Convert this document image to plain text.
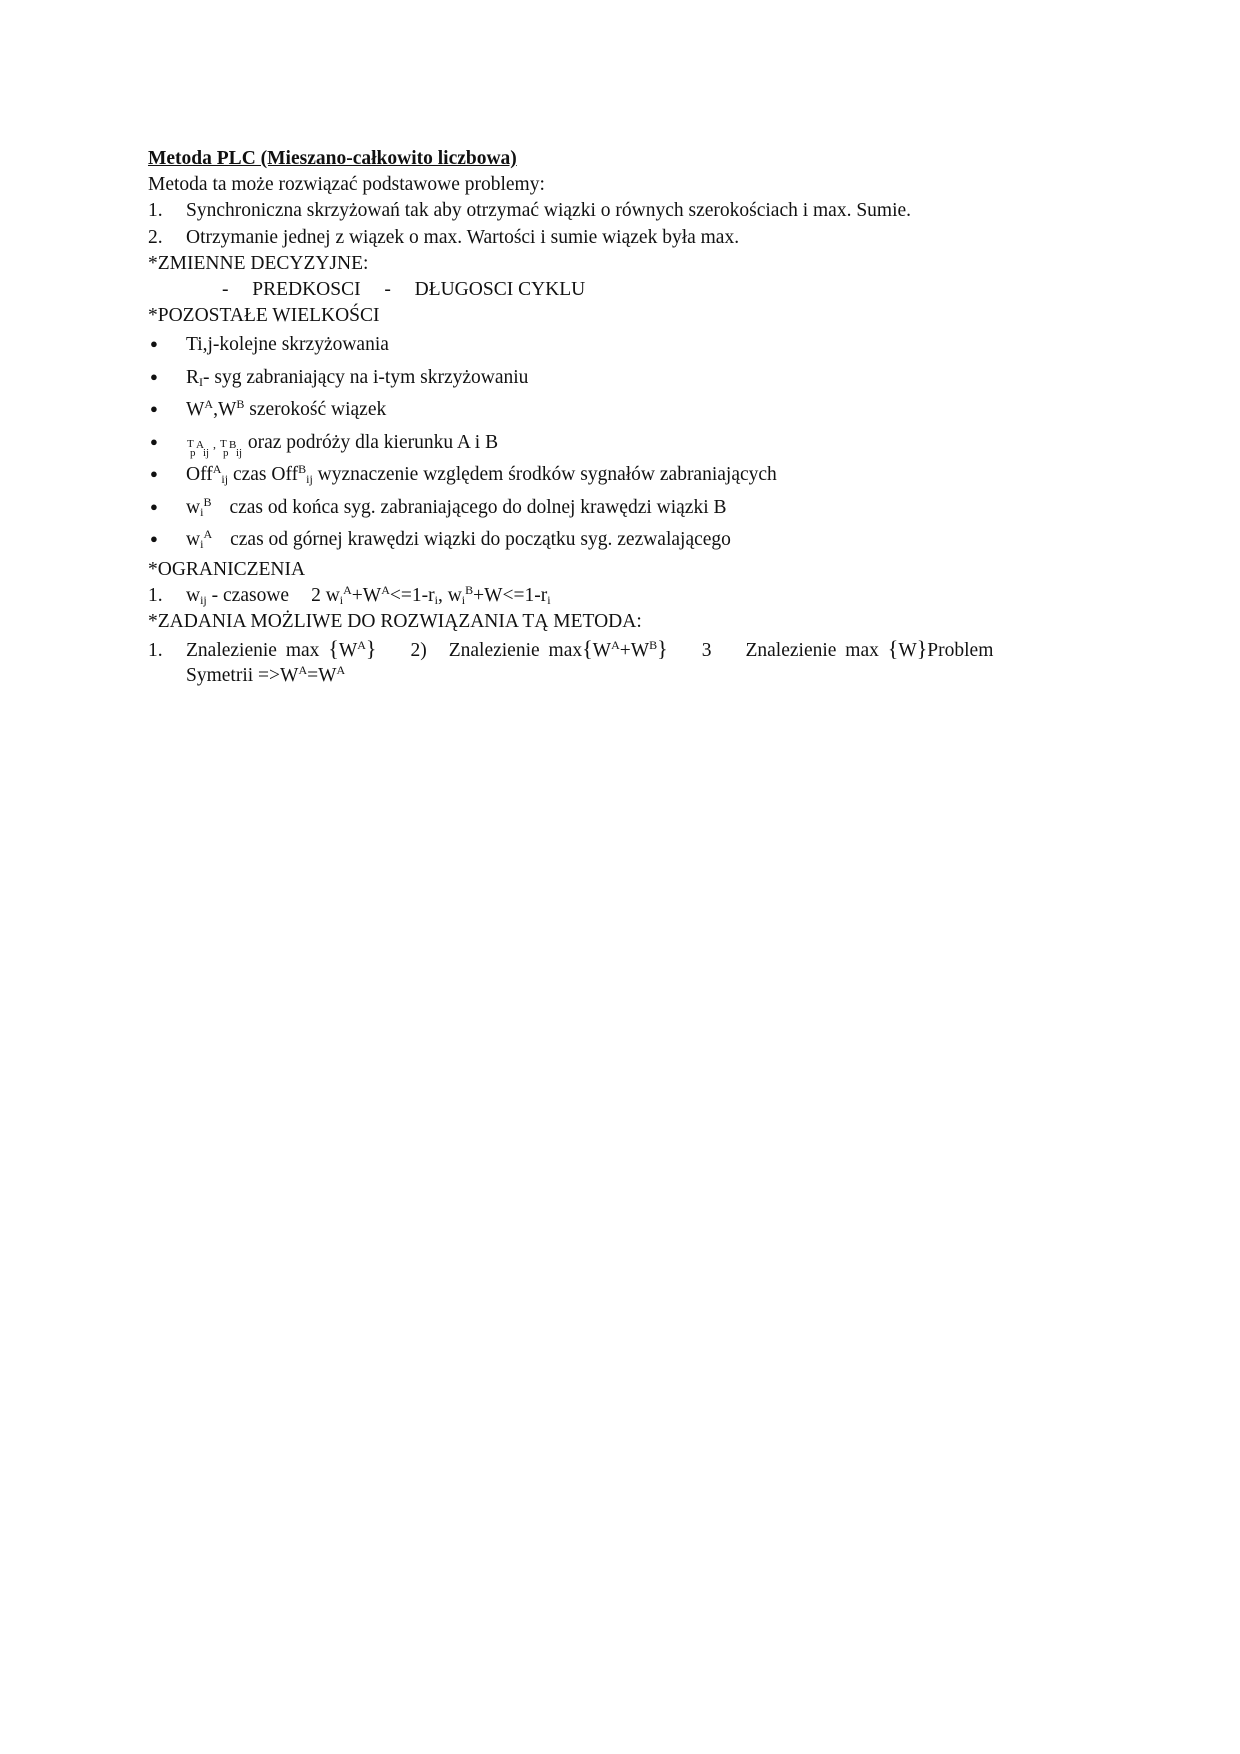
Metoda PLC (Mieszano-całkowito liczbowa)
Metoda ta może rozwiązać podstawowe problemy:
1. Synchroniczna skrzyżowań tak aby otrzymać wiązki o równych szerokościach i max. Sumie.
2. Otrzymanie jednej z wiązek o max. Wartości i sumie wiązek była max.
*ZMIENNE DECYZYJNE:
- PREDKOSCI - DŁUGOSCI CYKLU
*POZOSTAŁE WIELKOŚCI
●Ti,j-kolejne skrzyżowania
$●R_I-$ syg zabraniający na i-tym skrzyżowaniu
$●W^A,W^B$ szerokość wiązek
●
T
p
A
ij
, T
p
B
ij oraz podróży dla kierunku A i B
●Off$^A_{ij}$ czas Off$^B_{ij}$ wyznaczenie względem środków sygnałów zabraniających
$●w_i^B$ czas od końca syg. zabraniającego do dolnej krawędzi wiązki B
$●w_i^A$ czas od górnej krawędzi wiązki do początku syg. zezwalającego
*OGRANICZENIA
1. $w_{ij}$ - czasowe 2 $w_i^A+W^A<=1-r_i$, $w_i^B+W<=1-r_i$
*ZADANIA MOŻLIWE DO ROZWIĄZANIA TĄ METODA:
1. Znalezienie $\max \{W^A\}$ 2) Znalezienie $\max\{W^A+W^B\}$ 3 Znalezienie max {W}Problem
Symetrii $=>W^A=W^A$
